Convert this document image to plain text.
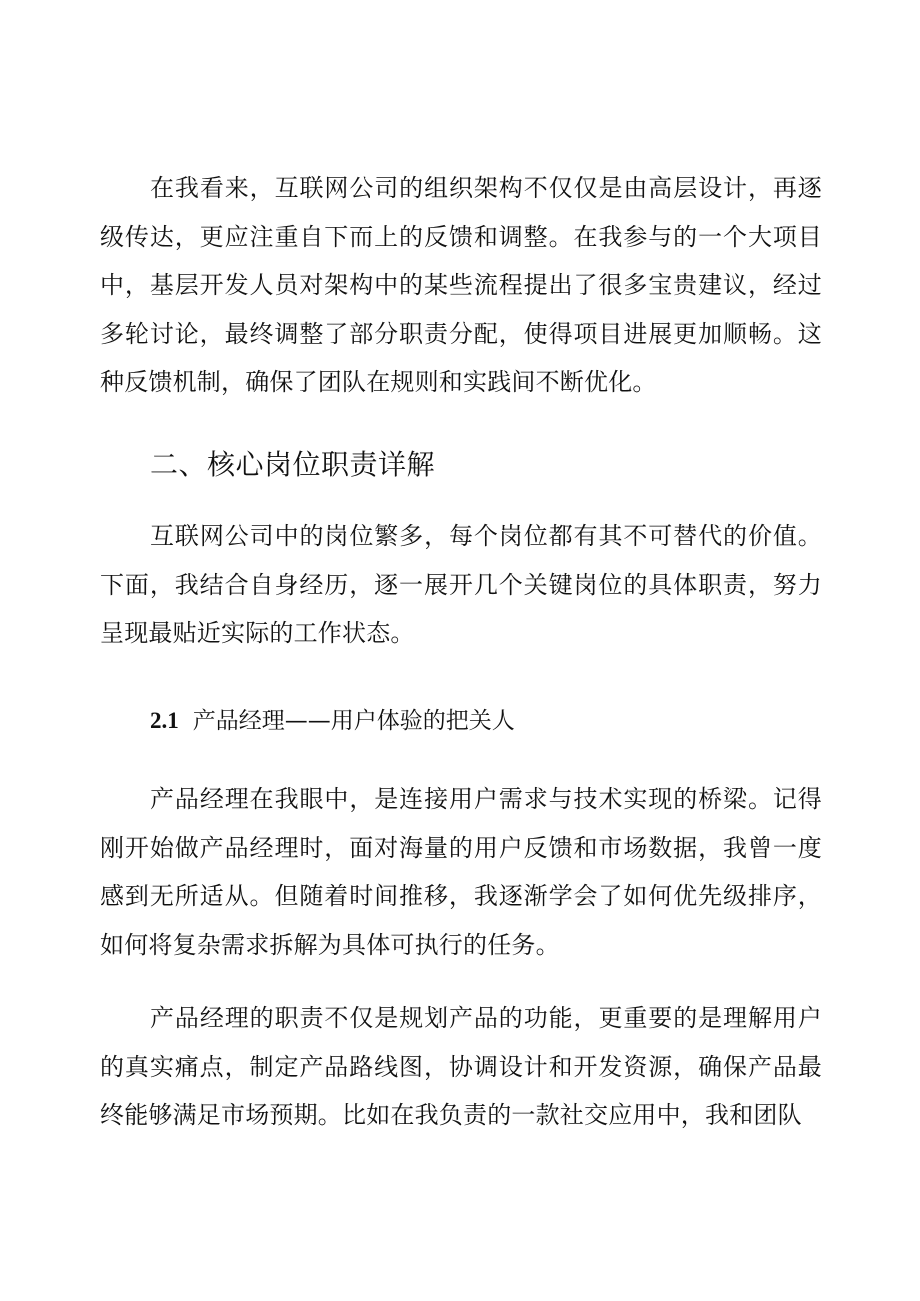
在我看来，互联网公司的组织架构不仅仅是由高层设计，再逐级传达，更应注重自下而上的反馈和调整。在我参与的一个大项目中，基层开发人员对架构中的某些流程提出了很多宝贵建议，经过多轮讨论，最终调整了部分职责分配，使得项目进展更加顺畅。这种反馈机制，确保了团队在规则和实践间不断优化。

二、核心岗位职责详解

互联网公司中的岗位繁多，每个岗位都有其不可替代的价值。下面，我结合自身经历，逐一展开几个关键岗位的具体职责，努力呈现最贴近实际的工作状态。

2.1 产品经理——用户体验的把关人

产品经理在我眼中，是连接用户需求与技术实现的桥梁。记得刚开始做产品经理时，面对海量的用户反馈和市场数据，我曾一度感到无所适从。但随着时间推移，我逐渐学会了如何优先级排序，如何将复杂需求拆解为具体可执行的任务。

产品经理的职责不仅是规划产品的功能，更重要的是理解用户的真实痛点，制定产品路线图，协调设计和开发资源，确保产品最终能够满足市场预期。比如在我负责的一款社交应用中，我和团队
